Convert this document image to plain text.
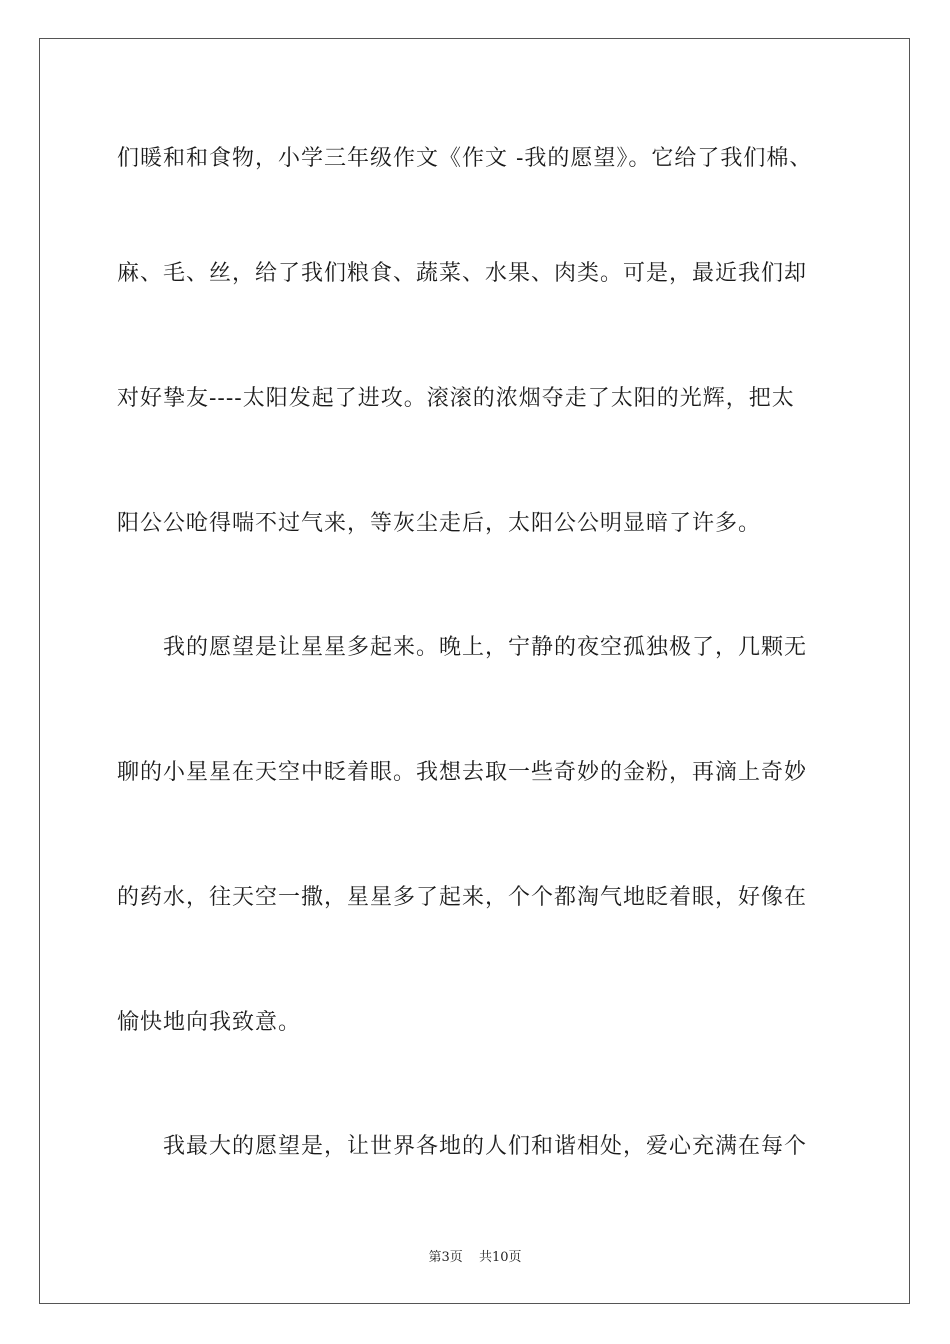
们暖和和食物，小学三年级作文《作文 -我的愿望》。它给了我们棉、
麻、毛、丝，给了我们粮食、蔬菜、水果、肉类。可是，最近我们却
对好挚友----太阳发起了进攻。滚滚的浓烟夺走了太阳的光辉，把太
阳公公呛得喘不过气来，等灰尘走后，太阳公公明显暗了许多。
我的愿望是让星星多起来。晚上，宁静的夜空孤独极了，几颗无
聊的小星星在天空中眨着眼。我想去取一些奇妙的金粉，再滴上奇妙
的药水，往天空一撒，星星多了起来，个个都淘气地眨着眼，好像在
愉快地向我致意。
我最大的愿望是，让世界各地的人们和谐相处，爱心充满在每个
第3页 共10页
